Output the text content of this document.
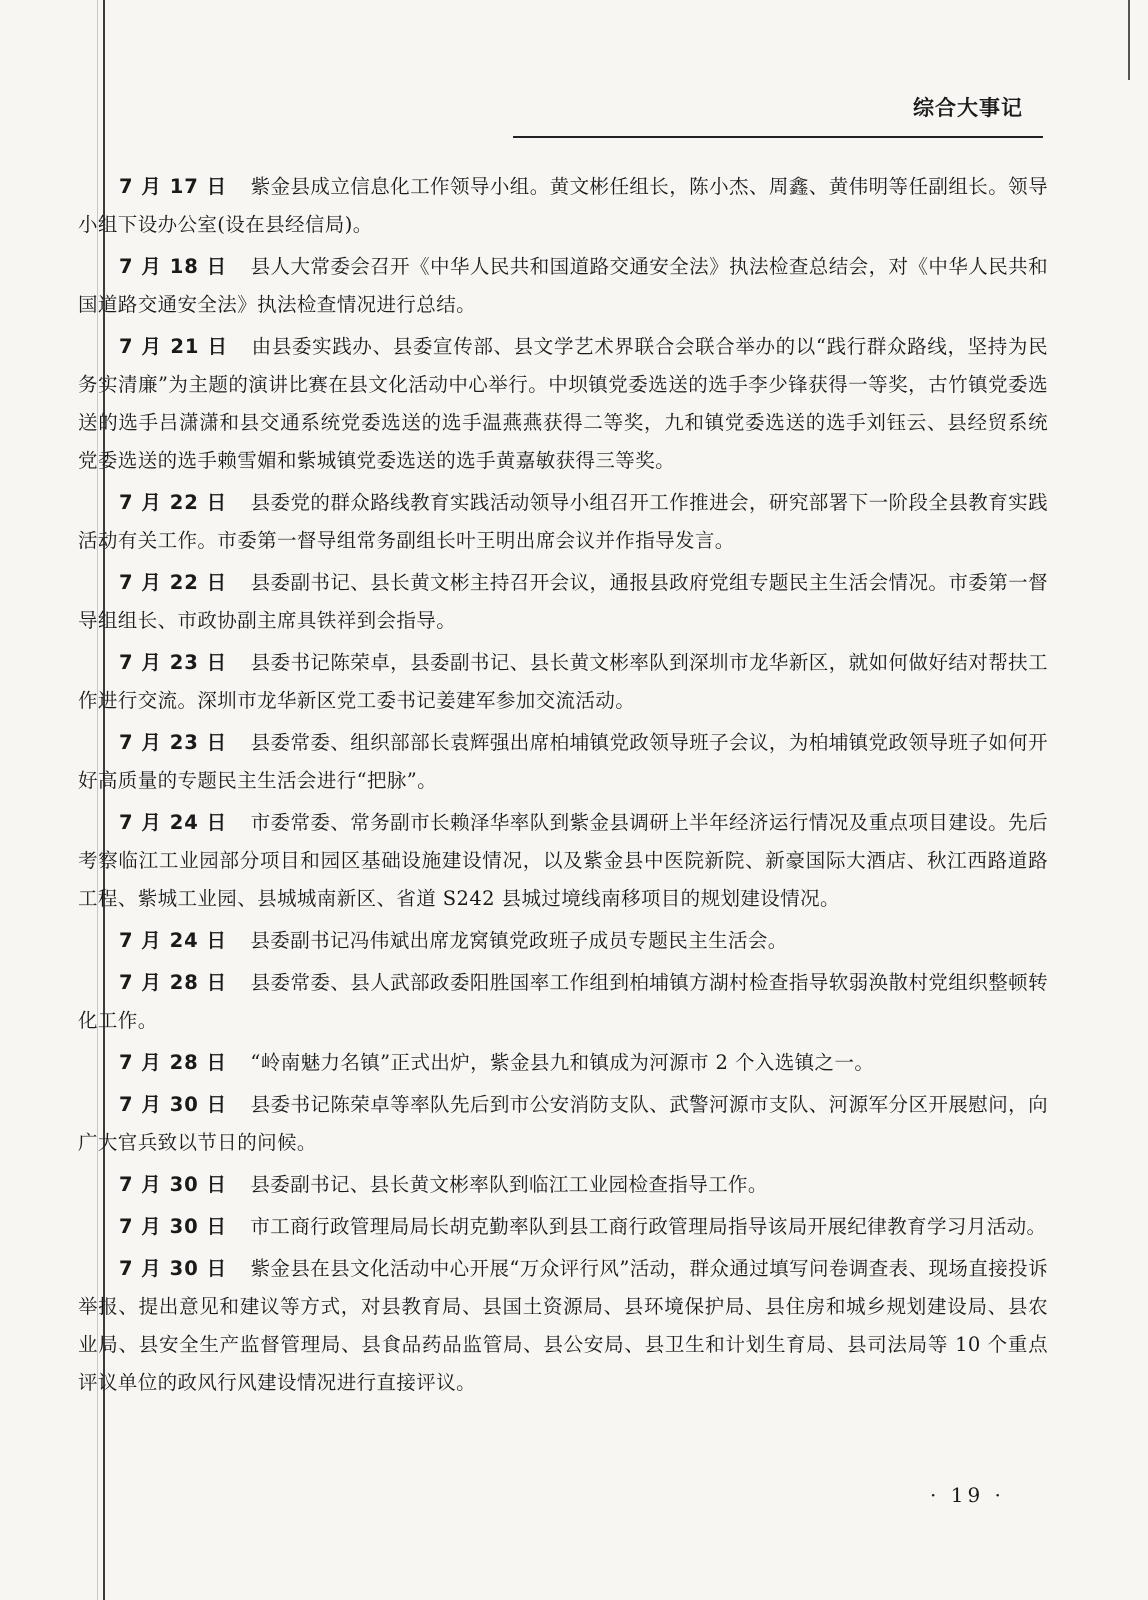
综合大事记

7 月 17 日 紫金县成立信息化工作领导小组。黄文彬任组长，陈小杰、周鑫、黄伟明等任副组长。领导小组下设办公室(设在县经信局)。

7 月 18 日 县人大常委会召开《中华人民共和国道路交通安全法》执法检查总结会，对《中华人民共和国道路交通安全法》执法检查情况进行总结。

7 月 21 日 由县委实践办、县委宣传部、县文学艺术界联合会联合举办的以“践行群众路线，坚持为民务实清廉”为主题的演讲比赛在县文化活动中心举行。中坝镇党委选送的选手李少锋获得一等奖，古竹镇党委选送的选手吕潇潇和县交通系统党委选送的选手温燕燕获得二等奖，九和镇党委选送的选手刘钰云、县经贸系统党委选送的选手赖雪媚和紫城镇党委选送的选手黄嘉敏获得三等奖。

7 月 22 日 县委党的群众路线教育实践活动领导小组召开工作推进会，研究部署下一阶段全县教育实践活动有关工作。市委第一督导组常务副组长叶王明出席会议并作指导发言。

7 月 22 日 县委副书记、县长黄文彬主持召开会议，通报县政府党组专题民主生活会情况。市委第一督导组组长、市政协副主席具铁祥到会指导。

7 月 23 日 县委书记陈荣卓，县委副书记、县长黄文彬率队到深圳市龙华新区，就如何做好结对帮扶工作进行交流。深圳市龙华新区党工委书记姜建军参加交流活动。

7 月 23 日 县委常委、组织部部长袁辉强出席柏埔镇党政领导班子会议，为柏埔镇党政领导班子如何开好高质量的专题民主生活会进行“把脉”。

7 月 24 日 市委常委、常务副市长赖泽华率队到紫金县调研上半年经济运行情况及重点项目建设。先后考察临江工业园部分项目和园区基础设施建设情况，以及紫金县中医院新院、新豪国际大酒店、秋江西路道路工程、紫城工业园、县城城南新区、省道 S242 县城过境线南移项目的规划建设情况。

7 月 24 日 县委副书记冯伟斌出席龙窝镇党政班子成员专题民主生活会。

7 月 28 日 县委常委、县人武部政委阳胜国率工作组到柏埔镇方湖村检查指导软弱涣散村党组织整顿转化工作。

7 月 28 日 “岭南魅力名镇”正式出炉，紫金县九和镇成为河源市 2 个入选镇之一。

7 月 30 日 县委书记陈荣卓等率队先后到市公安消防支队、武警河源市支队、河源军分区开展慰问，向广大官兵致以节日的问候。

7 月 30 日 县委副书记、县长黄文彬率队到临江工业园检查指导工作。

7 月 30 日 市工商行政管理局局长胡克勤率队到县工商行政管理局指导该局开展纪律教育学习月活动。

7 月 30 日 紫金县在县文化活动中心开展“万众评行风”活动，群众通过填写问卷调查表、现场直接投诉举报、提出意见和建议等方式，对县教育局、县国土资源局、县环境保护局、县住房和城乡规划建设局、县农业局、县安全生产监督管理局、县食品药品监管局、县公安局、县卫生和计划生育局、县司法局等 10 个重点评议单位的政风行风建设情况进行直接评议。

· 19 ·
